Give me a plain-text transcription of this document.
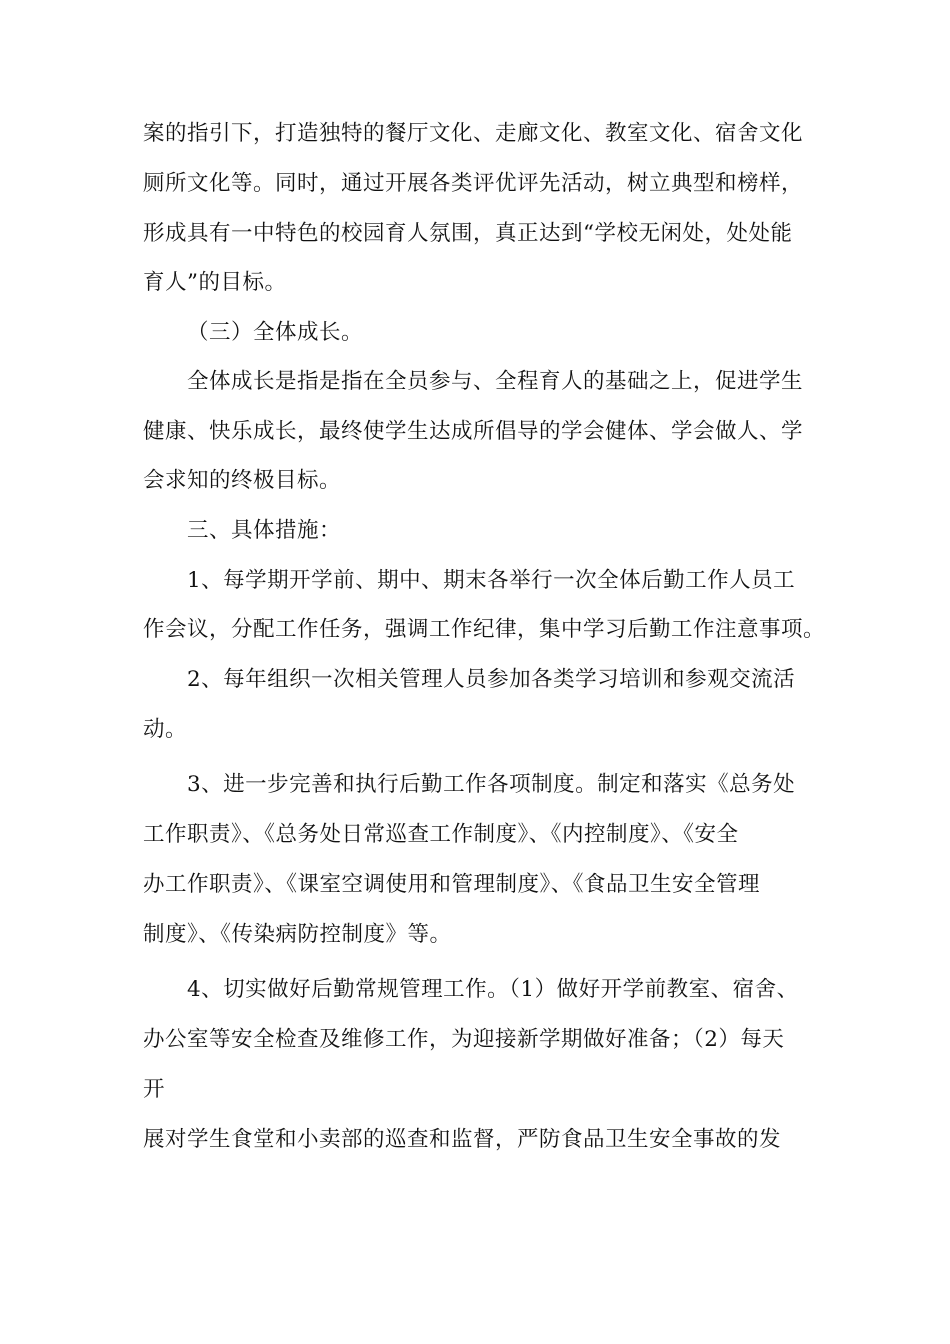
案的指引下，打造独特的餐厅文化、走廊文化、教室文化、宿舍文化
厕所文化等。同时，通过开展各类评优评先活动，树立典型和榜样，
形成具有一中特色的校园育人氛围，真正达到“学校无闲处，处处能
育人”的目标。
（三）全体成长。
全体成长是指是指在全员参与、全程育人的基础之上，促进学生
健康、快乐成长，最终使学生达成所倡导的学会健体、学会做人、学
会求知的终极目标。
三、具体措施：
1、每学期开学前、期中、期末各举行一次全体后勤工作人员工
作会议，分配工作任务，强调工作纪律，集中学习后勤工作注意事项。
2、每年组织一次相关管理人员参加各类学习培训和参观交流活
动。
3、进一步完善和执行后勤工作各项制度。制定和落实《总务处
工作职责》、《总务处日常巡查工作制度》、《内控制度》、《安全
办工作职责》、《课室空调使用和管理制度》、《食品卫生安全管理
制度》、《传染病防控制度》等。
4、切实做好后勤常规管理工作。（1）做好开学前教室、宿舍、
办公室等安全检查及维修工作，为迎接新学期做好准备；（2）每天
开
展对学生食堂和小卖部的巡查和监督，严防食品卫生安全事故的发
